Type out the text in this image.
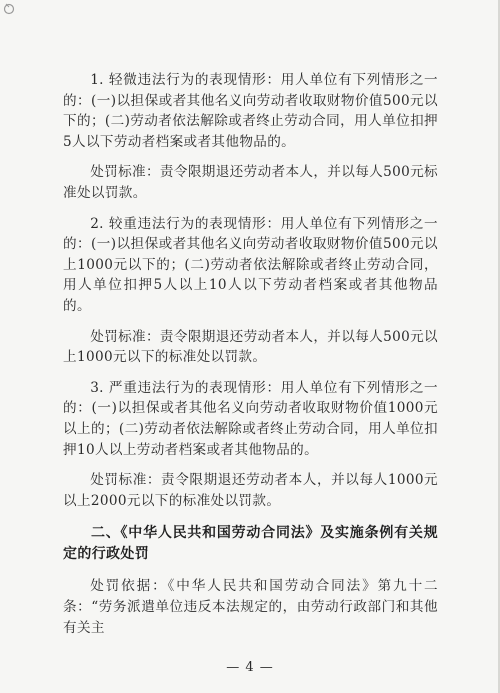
1. 轻微违法行为的表现情形：用人单位有下列情形之一的：(一)以担保或者其他名义向劳动者收取财物价值500元以下的；(二)劳动者依法解除或者终止劳动合同，用人单位扣押5人以下劳动者档案或者其他物品的。

处罚标准：责令限期退还劳动者本人，并以每人500元标准处以罚款。

2. 较重违法行为的表现情形：用人单位有下列情形之一的：(一)以担保或者其他名义向劳动者收取财物价值500元以上1000元以下的；(二)劳动者依法解除或者终止劳动合同，用人单位扣押5人以上10人以下劳动者档案或者其他物品的。

处罚标准：责令限期退还劳动者本人，并以每人500元以上1000元以下的标准处以罚款。

3. 严重违法行为的表现情形：用人单位有下列情形之一的：(一)以担保或者其他名义向劳动者收取财物价值1000元以上的；(二)劳动者依法解除或者终止劳动合同，用人单位扣押10人以上劳动者档案或者其他物品的。

处罚标准：责令限期退还劳动者本人，并以每人1000元以上2000元以下的标准处以罚款。

二、《中华人民共和国劳动合同法》及实施条例有关规定的行政处罚

处罚依据：《中华人民共和国劳动合同法》第九十二条：“劳务派遣单位违反本法规定的，由劳动行政部门和其他有关主

— 4 —
